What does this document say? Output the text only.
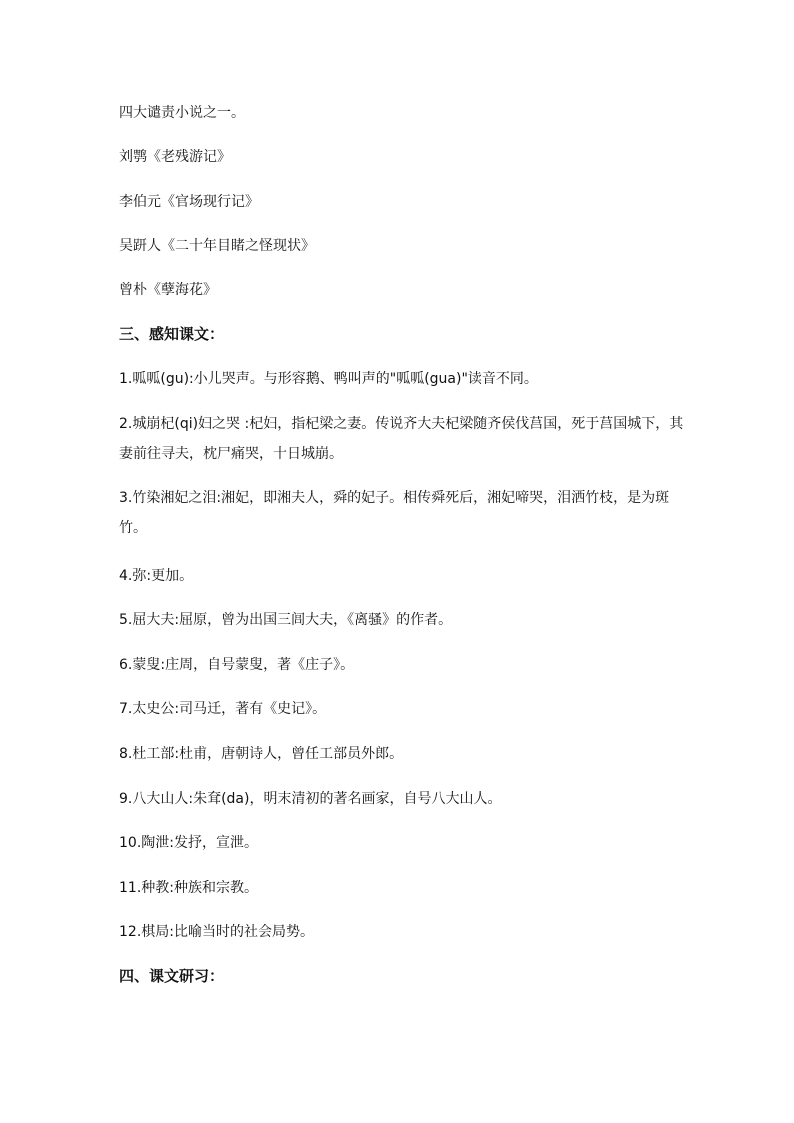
四大谴责小说之一。
刘鹗《老残游记》
李伯元《官场现行记》
吴趼人《二十年目睹之怪现状》
曾朴《孽海花》
三、感知课文：
1.呱呱(gu):小儿哭声。与形容鹅、鸭叫声的"呱呱(gua)"读音不同。
2.城崩杞(qi)妇之哭 :杞妇，指杞梁之妻。传说齐大夫杞梁随齐侯伐莒国，死于莒国城下，其妻前往寻夫，枕尸痛哭，十日城崩。
3.竹染湘妃之泪:湘妃，即湘夫人，舜的妃子。相传舜死后，湘妃啼哭，泪洒竹枝，是为斑竹。
4.弥:更加。
5.屈大夫:屈原，曾为出国三闾大夫，《离骚》的作者。
6.蒙叟:庄周，自号蒙叟，著《庄子》。
7.太史公:司马迁，著有《史记》。
8.杜工部:杜甫，唐朝诗人，曾任工部员外郎。
9.八大山人:朱耷(da)，明末清初的著名画家，自号八大山人。
10.陶泄:发抒，宣泄。
11.种教:种族和宗教。
12.棋局:比喻当时的社会局势。
四、课文研习：
